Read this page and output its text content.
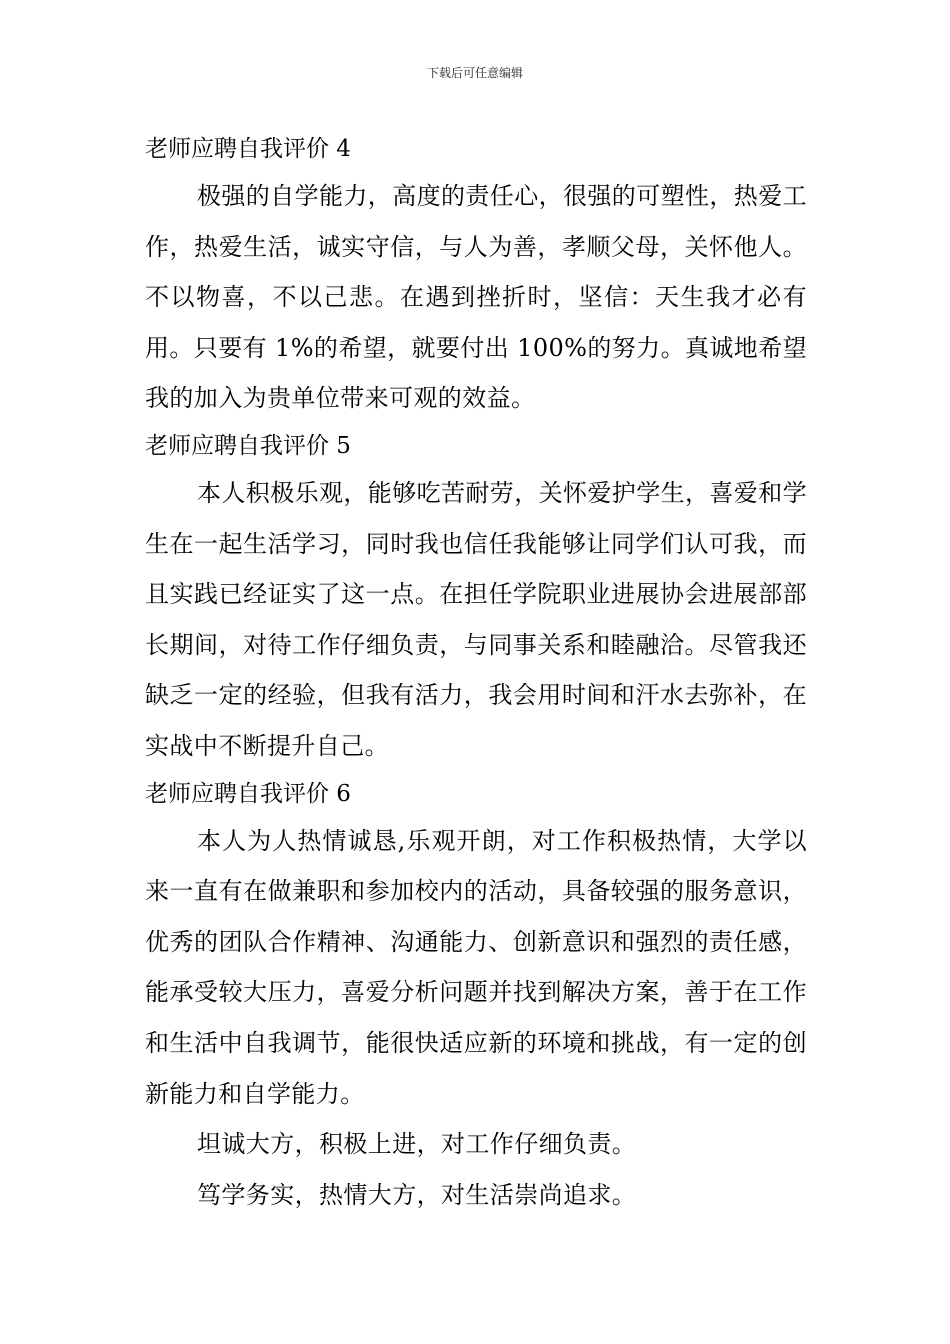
下载后可任意编辑
老师应聘自我评价 4

极强的自学能力，高度的责任心，很强的可塑性，热爱工作，热爱生活，诚实守信，与人为善，孝顺父母，关怀他人。不以物喜，不以己悲。在遇到挫折时，坚信：天生我才必有用。只要有 1%的希望，就要付出 100%的努力。真诚地希望我的加入为贵单位带来可观的效益。

老师应聘自我评价 5

本人积极乐观，能够吃苦耐劳，关怀爱护学生，喜爱和学生在一起生活学习，同时我也信任我能够让同学们认可我，而且实践已经证实了这一点。在担任学院职业进展协会进展部部长期间，对待工作仔细负责，与同事关系和睦融洽。尽管我还缺乏一定的经验，但我有活力，我会用时间和汗水去弥补，在实战中不断提升自己。

老师应聘自我评价 6

本人为人热情诚恳,乐观开朗，对工作积极热情，大学以来一直有在做兼职和参加校内的活动，具备较强的服务意识，优秀的团队合作精神、沟通能力、创新意识和强烈的责任感，能承受较大压力，喜爱分析问题并找到解决方案，善于在工作和生活中自我调节，能很快适应新的环境和挑战，有一定的创新能力和自学能力。

坦诚大方，积极上进，对工作仔细负责。

笃学务实，热情大方，对生活崇尚追求。
